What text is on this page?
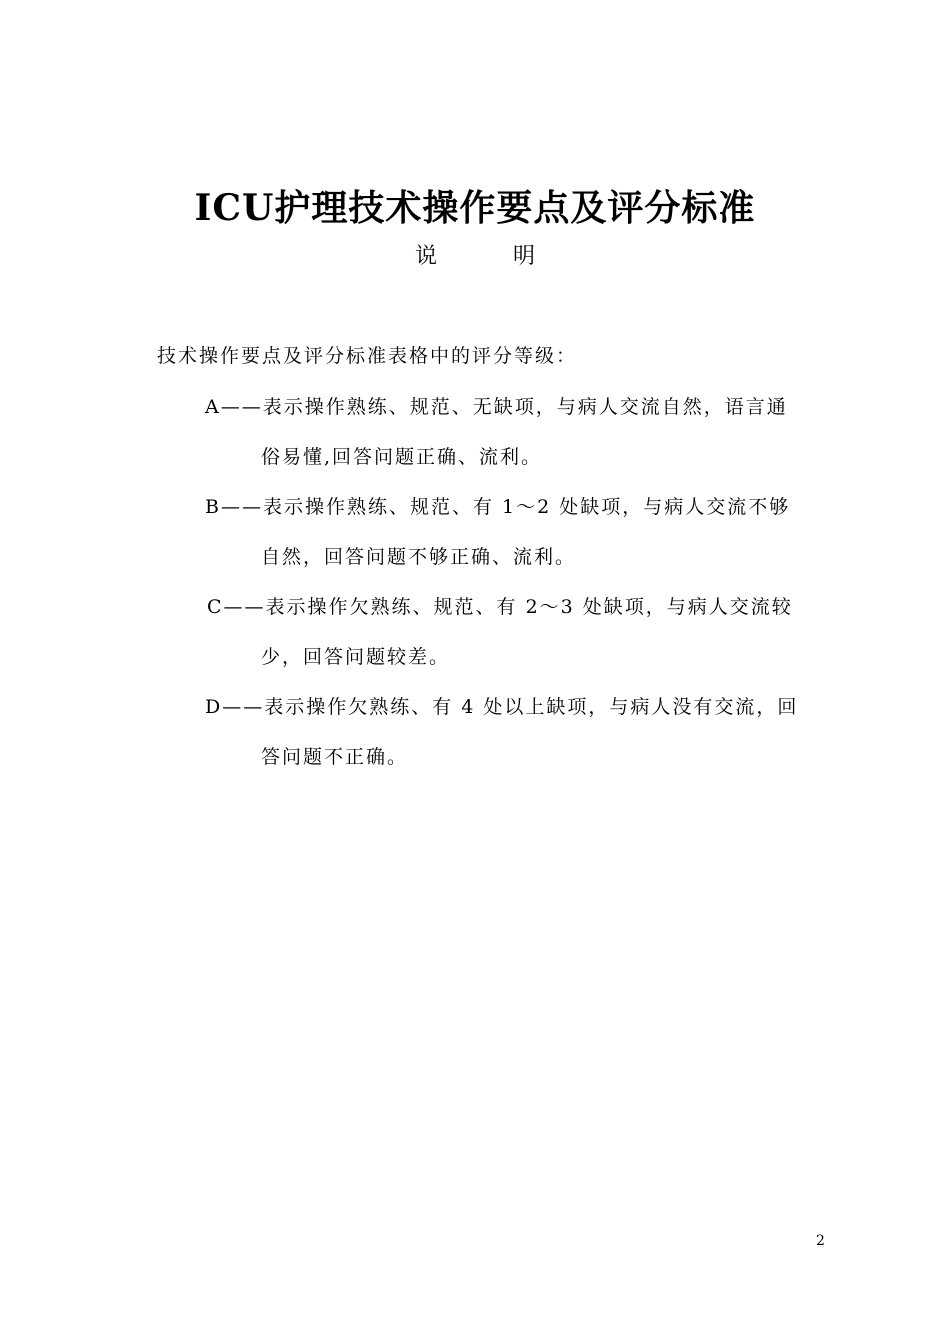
ICU护理技术操作要点及评分标准
说	明
技术操作要点及评分标准表格中的评分等级：
A——表示操作熟练、规范、无缺项，与病人交流自然，语言通
俗易懂,回答问题正确、流利。
B——表示操作熟练、规范、有 1～2 处缺项，与病人交流不够
自然，回答问题不够正确、流利。
C——表示操作欠熟练、规范、有 2～3 处缺项，与病人交流较
少，回答问题较差。
D——表示操作欠熟练、有 4 处以上缺项，与病人没有交流，回
答问题不正确。
2
